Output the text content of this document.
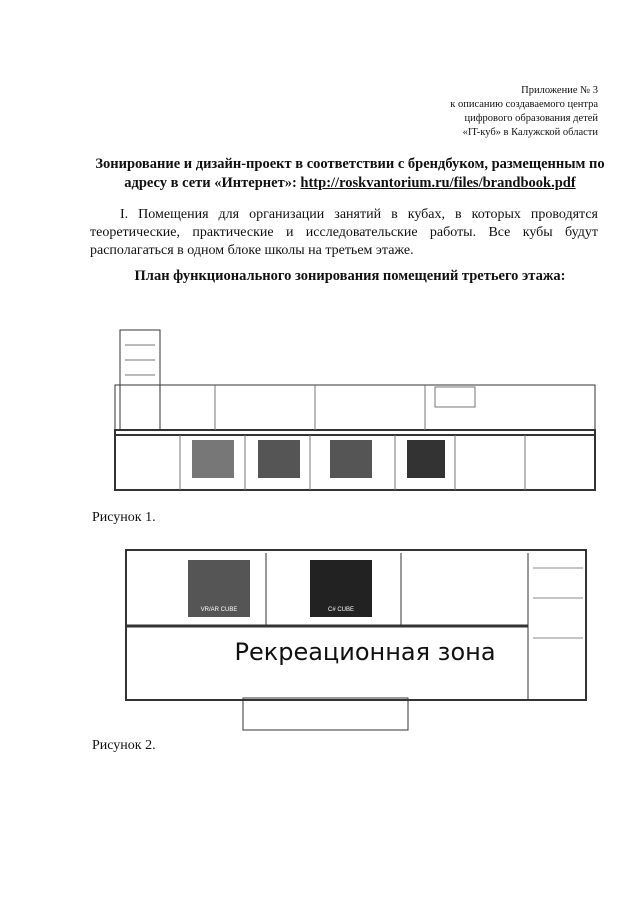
Приложение № 3
к описанию создаваемого центра
цифрового образования детей
«IT-куб» в Калужской области
Зонирование и дизайн-проект в соответствии с брендбуком, размещенным по адресу в сети «Интернет»: http://roskvantorium.ru/files/brandbook.pdf
I. Помещения для организации занятий в кубах, в которых проводятся теоретические, практические и исследовательские работы. Все кубы будут располагаться в одном блоке школы на третьем этаже.
План функционального зонирования помещений третьего этажа:
Рисунок 1.
VR/AR CUBE	C# CUBE
Рекреационная зона
Рисунок 2.
